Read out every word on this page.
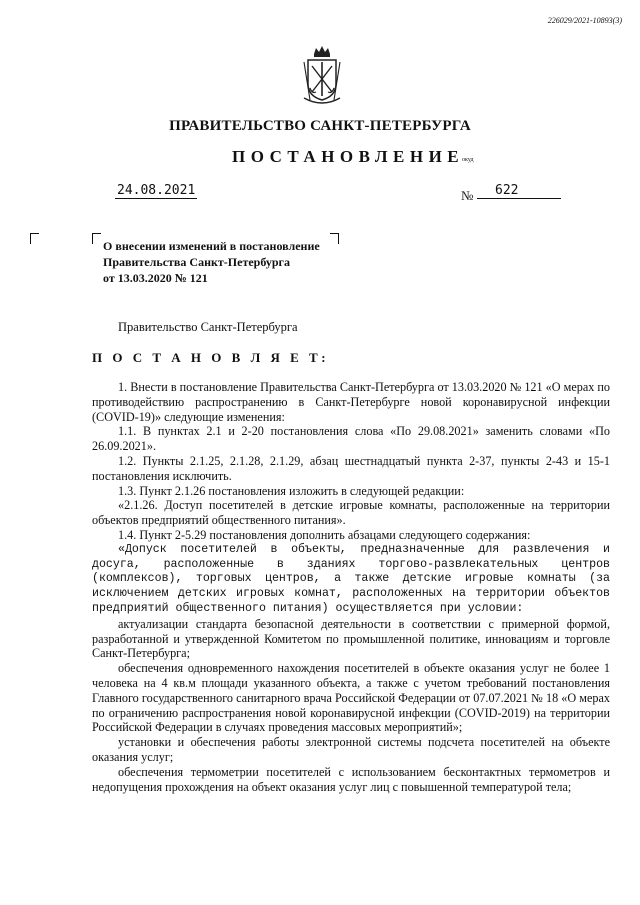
226029/2021-10893(3)
ПРАВИТЕЛЬСТВО САНКТ-ПЕТЕРБУРГА
ПОСТАНОВЛЕНИЕ
окуд
24.08.2021	№	622
О внесении изменений в постановление
Правительства Санкт-Петербурга
от 13.03.2020 № 121
Правительство Санкт-Петербурга
П О С Т А Н О В Л Я Е Т:

1. Внести в постановление Правительства Санкт-Петербурга от 13.03.2020 № 121 «О мерах по противодействию распространению в Санкт-Петербурге новой коронавирусной инфекции (COVID-19)» следующие изменения:

1.1. В пунктах 2.1 и 2-20 постановления слова «По 29.08.2021» заменить словами «По 26.09.2021».

1.2. Пункты 2.1.25, 2.1.28, 2.1.29, абзац шестнадцатый пункта 2-37, пункты 2-43 и 15-1 постановления исключить.

1.3. Пункт 2.1.26 постановления изложить в следующей редакции:

«2.1.26. Доступ посетителей в детские игровые комнаты, расположенные на территории объектов предприятий общественного питания».

1.4. Пункт 2-5.29 постановления дополнить абзацами следующего содержания:

«Допуск посетителей в объекты, предназначенные для развлечения и досуга, расположенные в зданиях торгово-развлекательных центров (комплексов), торговых центров, а также детские игровые комнаты (за исключением детских игровых комнат, расположенных на территории объектов предприятий общественного питания) осуществляется при условии:

актуализации стандарта безопасной деятельности в соответствии с примерной формой, разработанной и утвержденной Комитетом по промышленной политике, инновациям и торговле Санкт-Петербурга;

обеспечения одновременного нахождения посетителей в объекте оказания услуг не более 1 человека на 4 кв.м площади указанного объекта, а также с учетом требований постановления Главного государственного санитарного врача Российской Федерации от 07.07.2021 № 18 «О мерах по ограничению распространения новой коронавирусной инфекции (COVID-2019) на территории Российской Федерации в случаях проведения массовых мероприятий»;

установки и обеспечения работы электронной системы подсчета посетителей на объекте оказания услуг;

обеспечения термометрии посетителей с использованием бесконтактных термометров и недопущения прохождения на объект оказания услуг лиц с повышенной температурой тела;
